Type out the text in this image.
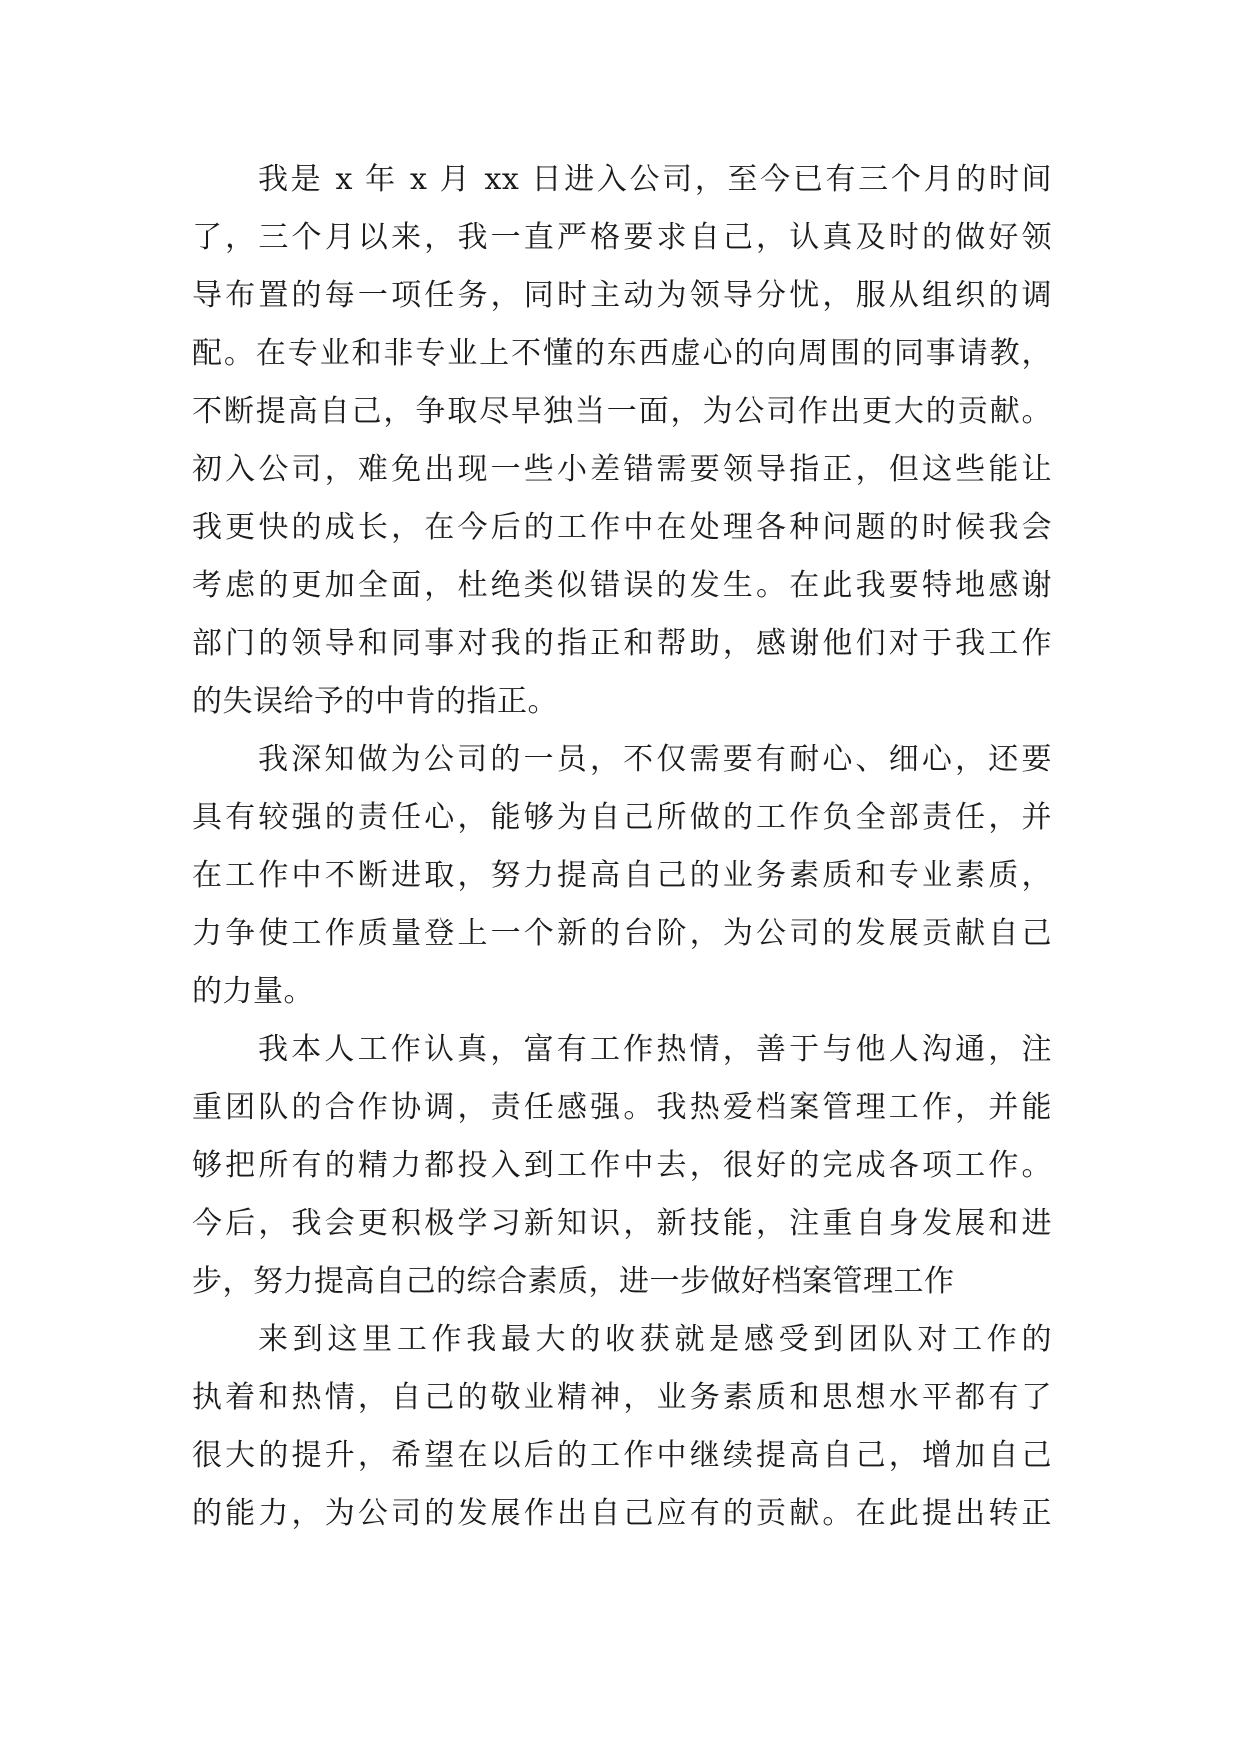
我是 x 年 x 月 xx 日进入公司，至今已有三个月的时间
了，三个月以来，我一直严格要求自己，认真及时的做好领
导布置的每一项任务，同时主动为领导分忧，服从组织的调
配。在专业和非专业上不懂的东西虚心的向周围的同事请教，
不断提高自己，争取尽早独当一面，为公司作出更大的贡献。
初入公司，难免出现一些小差错需要领导指正，但这些能让
我更快的成长，在今后的工作中在处理各种问题的时候我会
考虑的更加全面，杜绝类似错误的发生。在此我要特地感谢
部门的领导和同事对我的指正和帮助，感谢他们对于我工作
的失误给予的中肯的指正。
我深知做为公司的一员，不仅需要有耐心、细心，还要
具有较强的责任心，能够为自己所做的工作负全部责任，并
在工作中不断进取，努力提高自己的业务素质和专业素质，
力争使工作质量登上一个新的台阶，为公司的发展贡献自己
的力量。
我本人工作认真，富有工作热情，善于与他人沟通，注
重团队的合作协调，责任感强。我热爱档案管理工作，并能
够把所有的精力都投入到工作中去，很好的完成各项工作。
今后，我会更积极学习新知识，新技能，注重自身发展和进
步，努力提高自己的综合素质，进一步做好档案管理工作
来到这里工作我最大的收获就是感受到团队对工作的
执着和热情，自己的敬业精神，业务素质和思想水平都有了
很大的提升，希望在以后的工作中继续提高自己，增加自己
的能力，为公司的发展作出自己应有的贡献。在此提出转正
